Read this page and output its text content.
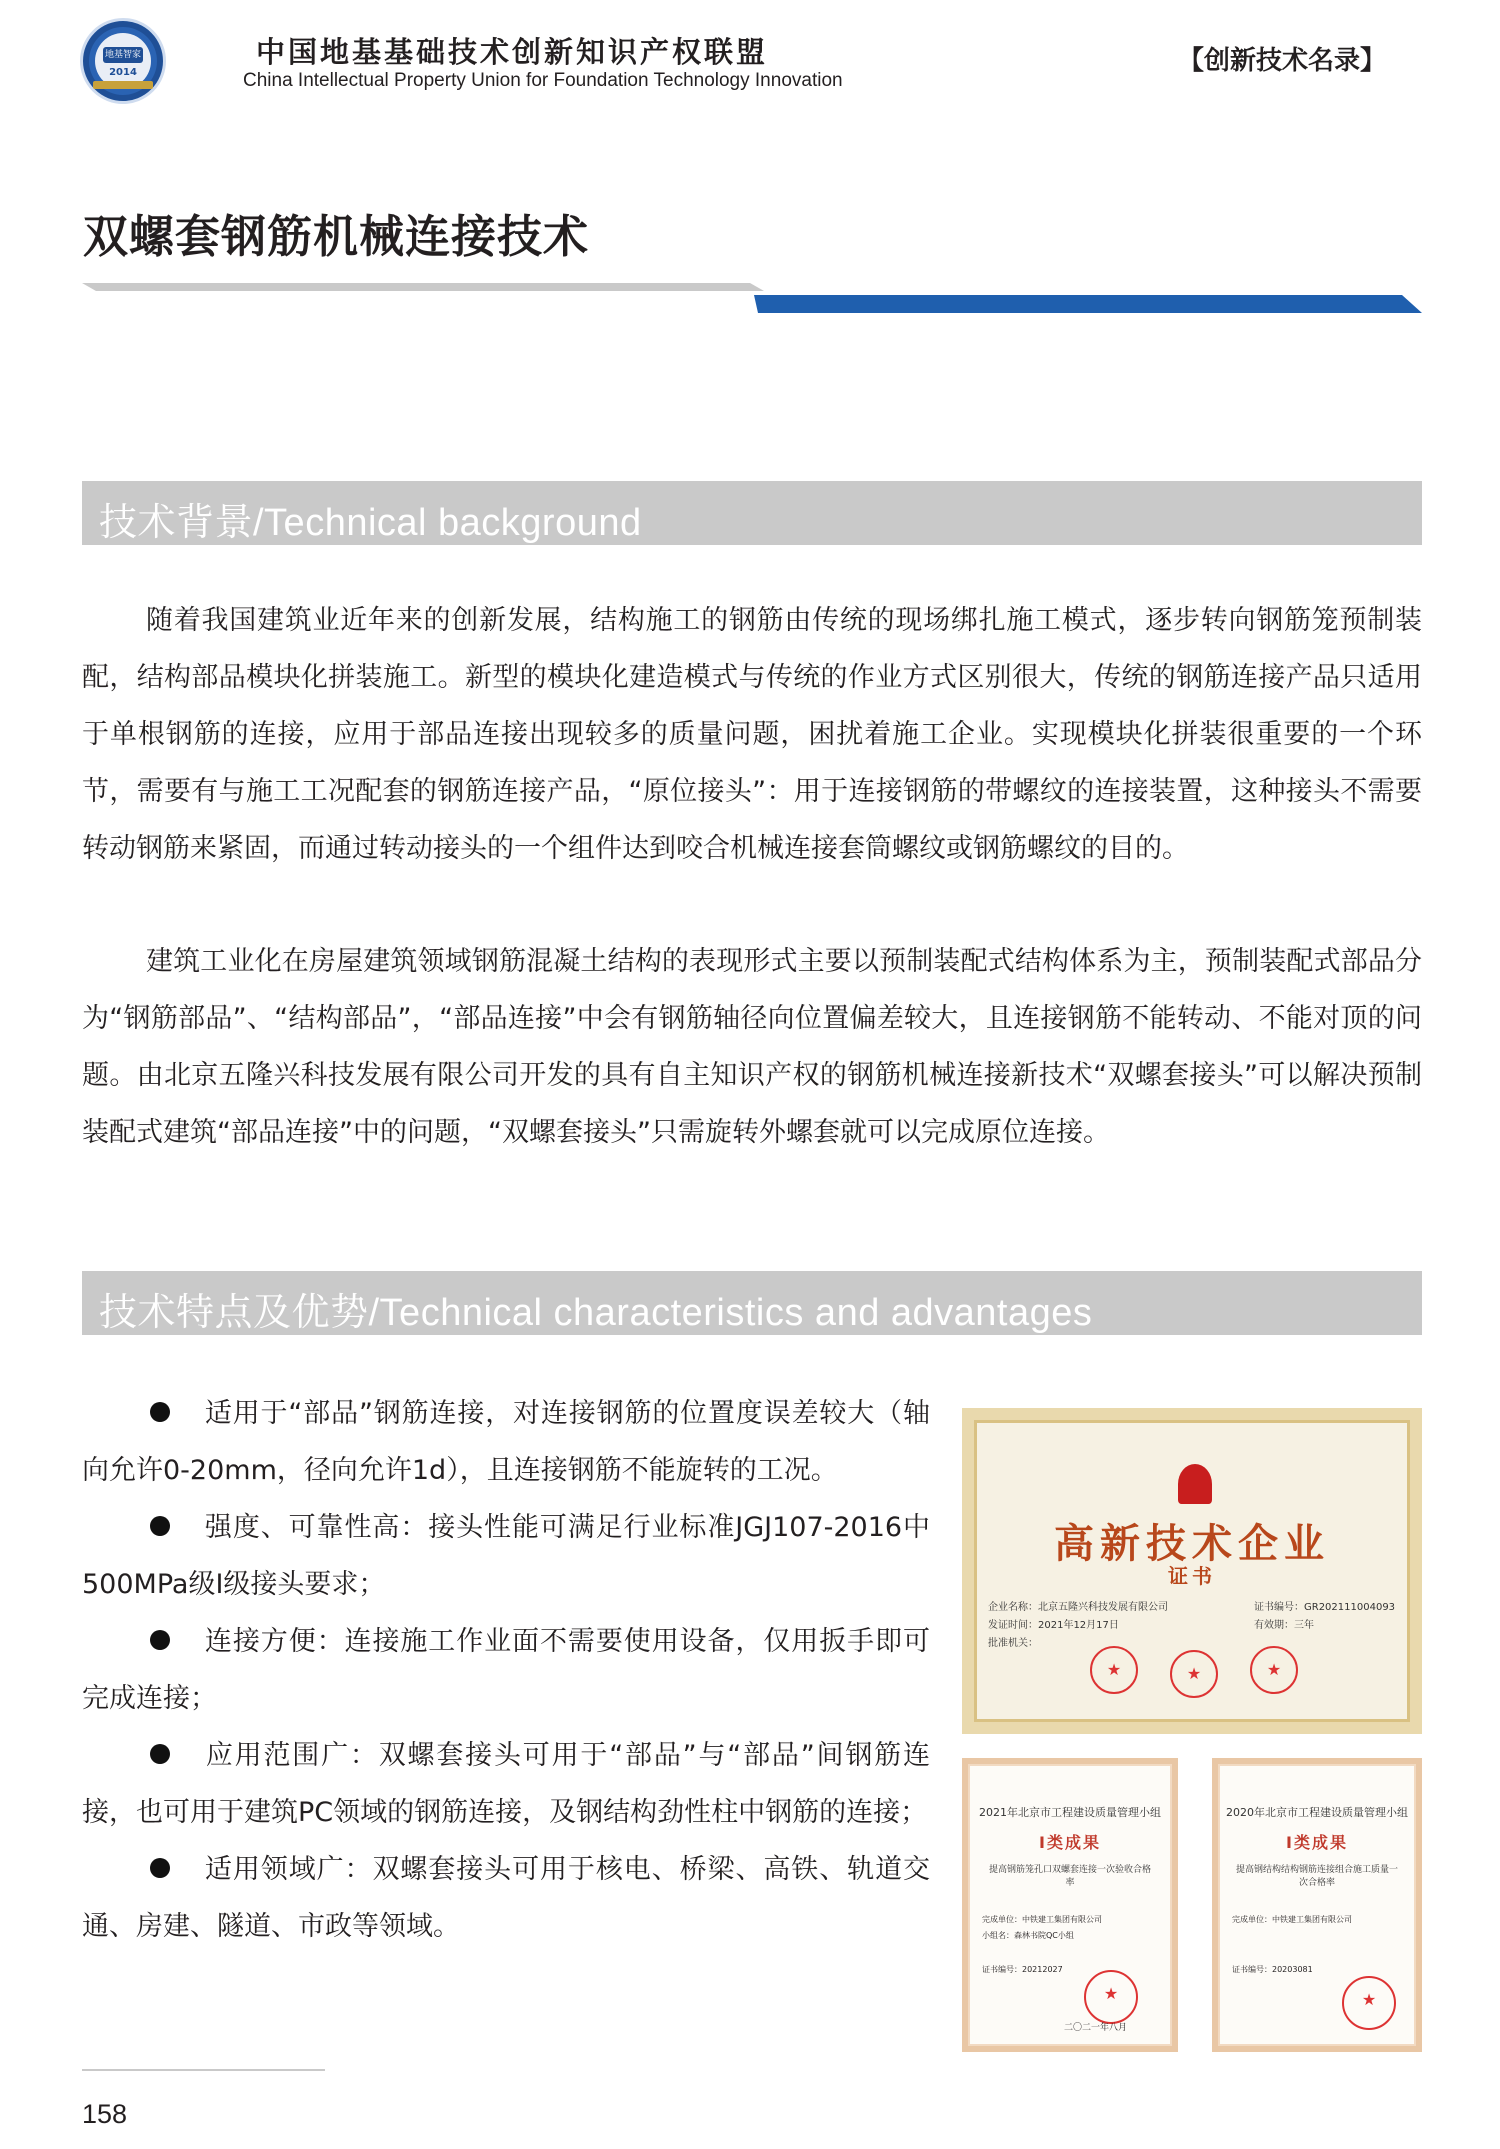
地基智家
2014
中国地基基础技术创新知识产权联盟
China Intellectual Property Union for Foundation Technology Innovation
【创新技术名录】
双螺套钢筋机械连接技术
技术背景/Technical background

随着我国建筑业近年来的创新发展，结构施工的钢筋由传统的现场绑扎施工模式，逐步转向钢筋笼预制装配，结构部品模块化拼装施工。新型的模块化建造模式与传统的作业方式区别很大，传统的钢筋连接产品只适用于单根钢筋的连接，应用于部品连接出现较多的质量问题，困扰着施工企业。实现模块化拼装很重要的一个环节，需要有与施工工况配套的钢筋连接产品，“原位接头”：用于连接钢筋的带螺纹的连接装置，这种接头不需要转动钢筋来紧固，而通过转动接头的一个组件达到咬合机械连接套筒螺纹或钢筋螺纹的目的。

建筑工业化在房屋建筑领域钢筋混凝土结构的表现形式主要以预制装配式结构体系为主，预制装配式部品分为“钢筋部品”、“结构部品”，“部品连接”中会有钢筋轴径向位置偏差较大，且连接钢筋不能转动、不能对顶的问题。由北京五隆兴科技发展有限公司开发的具有自主知识产权的钢筋机械连接新技术“双螺套接头”可以解决预制装配式建筑“部品连接”中的问题，“双螺套接头”只需旋转外螺套就可以完成原位连接。

技术特点及优势/Technical characteristics and advantages

适用于“部品”钢筋连接，对连接钢筋的位置度误差较大（轴向允许0-20mm，径向允许1d），且连接钢筋不能旋转的工况。

强度、可靠性高：接头性能可满足行业标准JGJ107-2016中500MPa级Ⅰ级接头要求；

连接方便：连接施工作业面不需要使用设备，仅用扳手即可完成连接；

应用范围广：双螺套接头可用于“部品”与“部品”间钢筋连接，也可用于建筑PC领域的钢筋连接，及钢结构劲性柱中钢筋的连接；

适用领域广：双螺套接头可用于核电、桥梁、高铁、轨道交通、房建、隧道、市政等领域。

高新技术企业
证书
企业名称：北京五隆兴科技发展有限公司	证书编号：GR202111004093
发证时间：2021年12月17日	有效期：三年
批准机关：
★
★
★
2021年北京市工程建设质量管理小组
Ⅰ类成果
提高钢筋笼孔口双螺套连接一次验收合格率
完成单位：中铁建工集团有限公司
小组名：森林书院QC小组
证书编号：20212027
★
二〇二一年八月
2020年北京市工程建设质量管理小组
Ⅰ类成果
提高钢结构结构钢筋连接组合施工质量一次合格率
完成单位：中铁建工集团有限公司
证书编号：20203081
★
158
